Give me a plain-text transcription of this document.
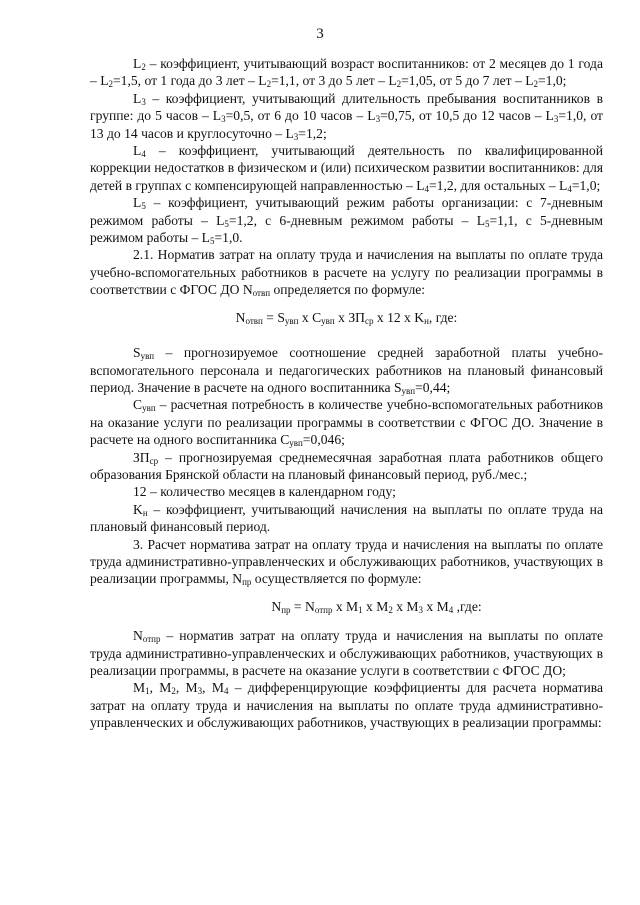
3

$L_2$ – коэффициент, учитывающий возраст воспитанников: от 2 месяцев до 1 года – $L_2=1,5$, от 1 года до 3 лет – $L_2=1,1$, от 3 до 5 лет – $L_2=1,05$, от 5 до 7 лет – $L_2=1,0$;

$L_3$ – коэффициент, учитывающий длительность пребывания воспитанников в группе: до 5 часов – $L_3=0,5$, от 6 до 10 часов – $L_3=0,75$, от 10,5 до 12 часов – $L_3=1,0$, от 13 до 14 часов и круглосуточно – $L_3=1,2$;

$L_4$ – коэффициент, учитывающий деятельность по квалифицированной коррекции недостатков в физическом и (или) психическом развитии воспитанников: для детей в группах с компенсирующей направленностью – $L_4=1,2$, для остальных – $L_4=1,0$;

$L_5$ – коэффициент, учитывающий режим работы организации: с 7-дневным режимом работы – $L_5=1,2$, с 6-дневным режимом работы – $L_5=1,1$, с 5-дневным режимом работы – $L_5=1,0$.

2.1. Норматив затрат на оплату труда и начисления на выплаты по оплате труда учебно-вспомогательных работников в расчете на услугу по реализации программы в соответствии с ФГОС ДО $N_{отвп}$ определяется по формуле:

$N_{отвп} = S_{увп}$ x $C_{увп}$ x $ЗП_{ср}$ x 12 x $K_н$, где:

$S_{увп}$ – прогнозируемое соотношение средней заработной платы учебно-вспомогательного персонала и педагогических работников на плановый финансовый период. Значение в расчете на одного воспитанника $S_{увп}=0,44$;

$C_{увп}$ – расчетная потребность в количестве учебно-вспомогательных работников на оказание услуги по реализации программы в соответствии с ФГОС ДО. Значение в расчете на одного воспитанника $C_{увп}=0,046$;

$ЗП_{ср}$ – прогнозируемая среднемесячная заработная плата работников общего образования Брянской области на плановый финансовый период, руб./мес.;

12 – количество месяцев в календарном году;

$K_н$ – коэффициент, учитывающий начисления на выплаты по оплате труда на плановый финансовый период.

3. Расчет норматива затрат на оплату труда и начисления на выплаты по оплате труда административно-управленческих и обслуживающих работников, участвующих в реализации программы, $N_{пр}$ осуществляется по формуле:

$N_{пр} = N_{отпр}$ x $M_1$ x $M_2$ x $M_3$ x $M_4$ ,где:

$N_{отпр}$ – норматив затрат на оплату труда и начисления на выплаты по оплате труда административно-управленческих и обслуживающих работников, участвующих в реализации программы, в расчете на оказание услуги в соответствии с ФГОС ДО;

$M_1$, $M_2$, $M_3$, $M_4$ – дифференцирующие коэффициенты для расчета норматива затрат на оплату труда и начисления на выплаты по оплате труда административно-управленческих и обслуживающих работников, участвующих в реализации программы:
